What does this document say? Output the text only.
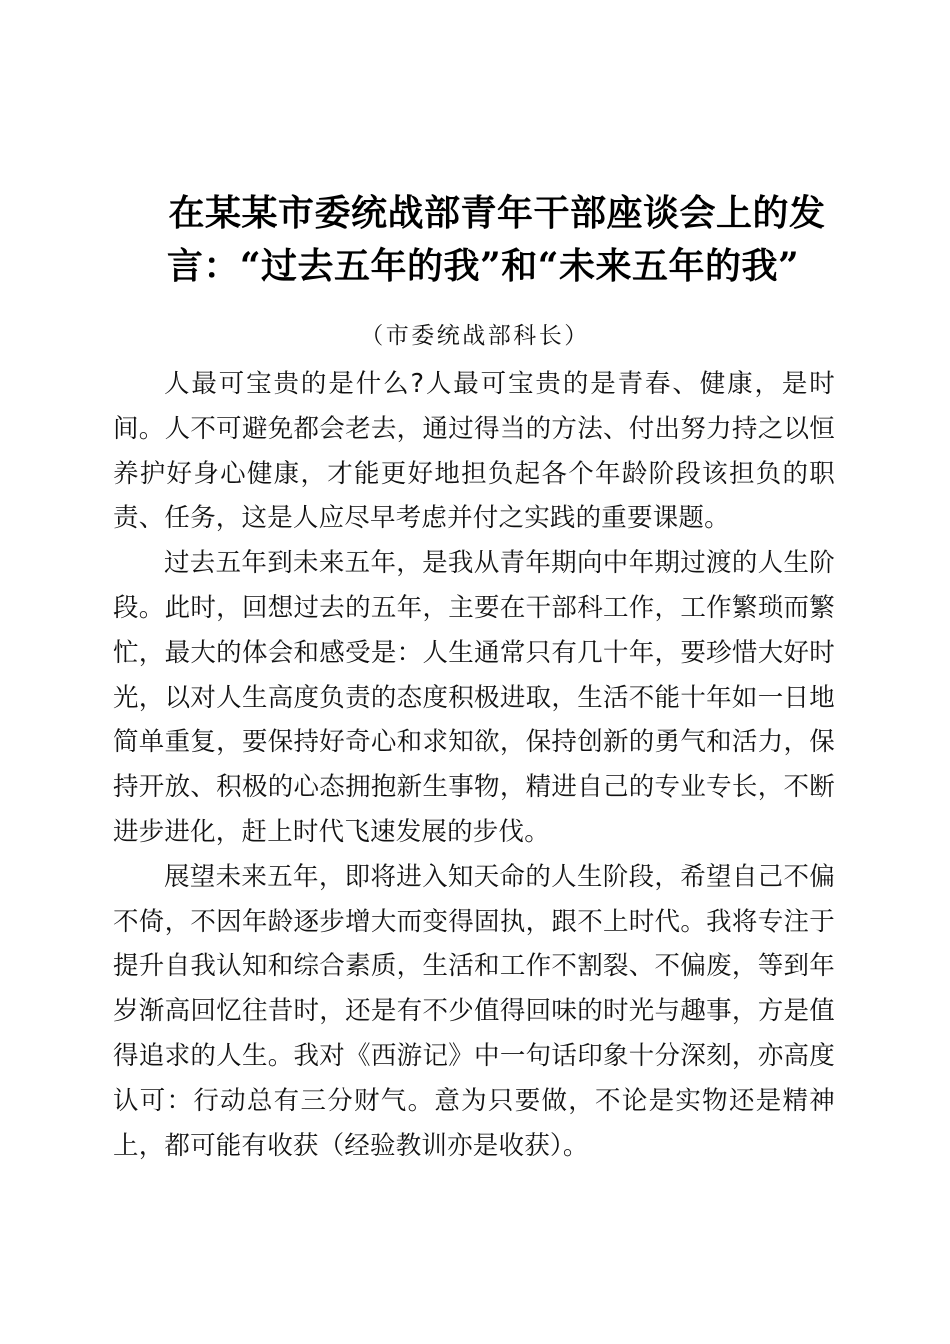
在某某市委统战部青年干部座谈会上的发
言：“过去五年的我”和“未来五年的我”
（市委统战部科长）

人最可宝贵的是什么?人最可宝贵的是青春、健康，是时间。人不可避免都会老去，通过得当的方法、付出努力持之以恒养护好身心健康，才能更好地担负起各个年龄阶段该担负的职责、任务，这是人应尽早考虑并付之实践的重要课题。

过去五年到未来五年，是我从青年期向中年期过渡的人生阶段。此时，回想过去的五年，主要在干部科工作，工作繁琐而繁忙，最大的体会和感受是：人生通常只有几十年，要珍惜大好时光，以对人生高度负责的态度积极进取，生活不能十年如一日地简单重复，要保持好奇心和求知欲，保持创新的勇气和活力，保持开放、积极的心态拥抱新生事物，精进自己的专业专长，不断进步进化，赶上时代飞速发展的步伐。

展望未来五年，即将进入知天命的人生阶段，希望自己不偏不倚，不因年龄逐步增大而变得固执，跟不上时代。我将专注于提升自我认知和综合素质，生活和工作不割裂、不偏废，等到年岁渐高回忆往昔时，还是有不少值得回味的时光与趣事，方是值得追求的人生。我对《西游记》中一句话印象十分深刻，亦高度认可：行动总有三分财气。意为只要做，不论是实物还是精神上，都可能有收获（经验教训亦是收获）。
